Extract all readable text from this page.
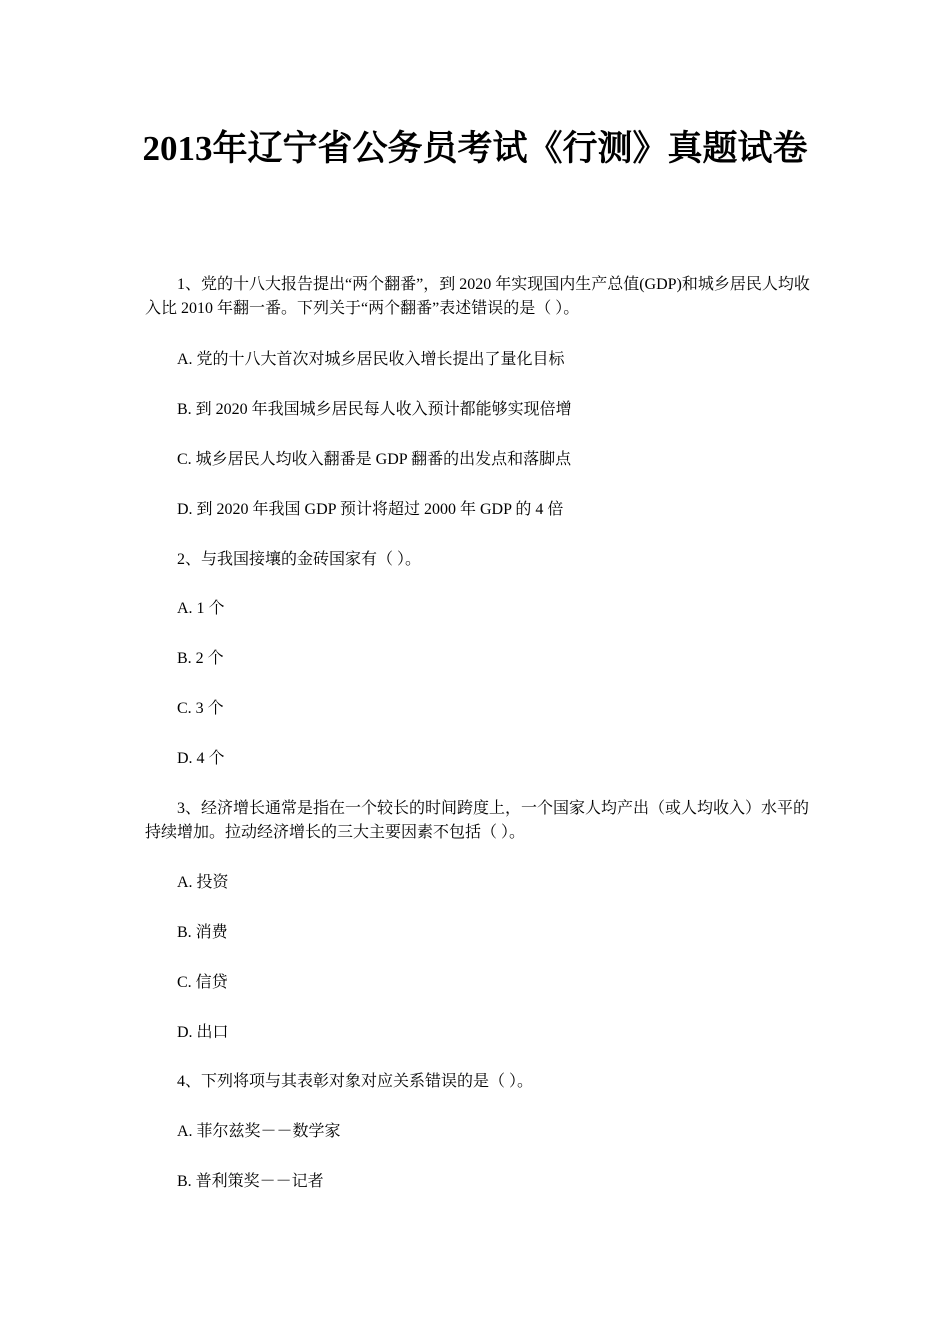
2013年辽宁省公务员考试《行测》真题试卷

1、党的十八大报告提出“两个翻番”，到 2020 年实现国内生产总值(GDP)和城乡居民人均收入比 2010 年翻一番。下列关于“两个翻番”表述错误的是（ ）。

A. 党的十八大首次对城乡居民收入增长提出了量化目标

B. 到 2020 年我国城乡居民每人收入预计都能够实现倍增

C. 城乡居民人均收入翻番是 GDP 翻番的出发点和落脚点

D. 到 2020 年我国 GDP 预计将超过 2000 年 GDP 的 4 倍

2、与我国接壤的金砖国家有（ ）。

A. 1 个

B. 2 个

C. 3 个

D. 4 个

3、经济增长通常是指在一个较长的时间跨度上，一个国家人均产出（或人均收入）水平的持续增加。拉动经济增长的三大主要因素不包括（ ）。

A. 投资

B. 消费

C. 信贷

D. 出口

4、下列将项与其表彰对象对应关系错误的是（ ）。

A. 菲尔兹奖－－数学家

B. 普利策奖－－记者
